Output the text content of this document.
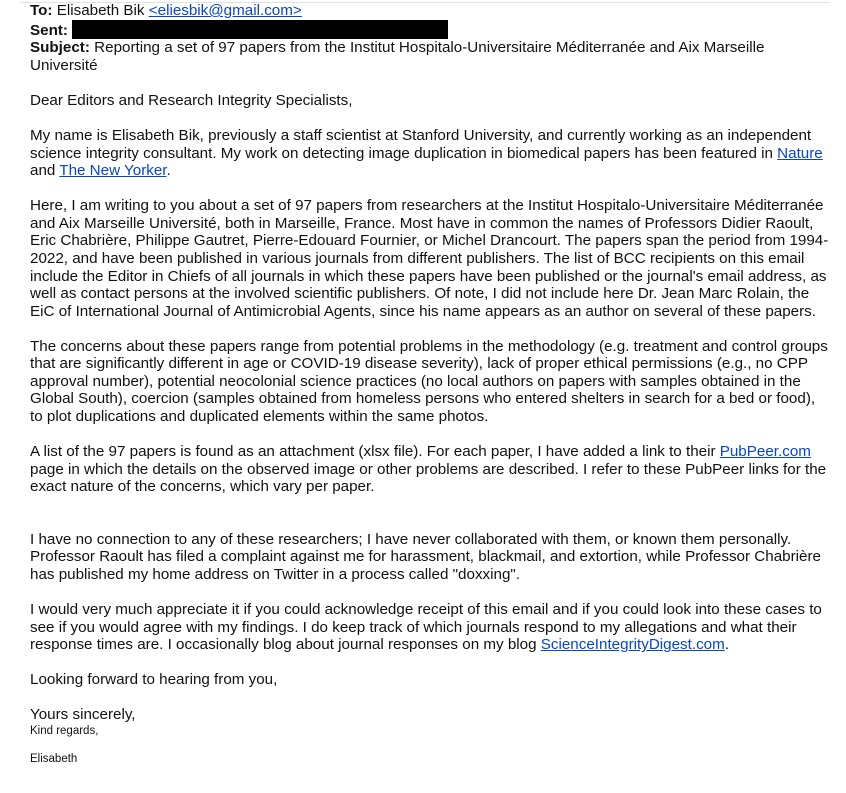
To: Elisabeth Bik <eliesbik@gmail.com>
Sent:
Subject: Reporting a set of 97 papers from the Institut Hospitalo-Universitaire Méditerranée and Aix Marseille Université

Dear Editors and Research Integrity Specialists,

My name is Elisabeth Bik, previously a staff scientist at Stanford University, and currently working as an independent science integrity consultant. My work on detecting image duplication in biomedical papers has been featured in Nature and The New Yorker.

Here, I am writing to you about a set of 97 papers from researchers at the Institut Hospitalo-Universitaire Méditerranée and Aix Marseille Université, both in Marseille, France. Most have in common the names of Professors Didier Raoult, Eric Chabrière, Philippe Gautret, Pierre-Edouard Fournier, or Michel Drancourt. The papers span the period from 1994-2022, and have been published in various journals from different publishers. The list of BCC recipients on this email include the Editor in Chiefs of all journals in which these papers have been published or the journal's email address, as well as contact persons at the involved scientific publishers. Of note, I did not include here Dr. Jean Marc Rolain, the EiC of International Journal of Antimicrobial Agents, since his name appears as an author on several of these papers.

The concerns about these papers range from potential problems in the methodology (e.g. treatment and control groups that are significantly different in age or COVID-19 disease severity), lack of proper ethical permissions (e.g., no CPP approval number), potential neocolonial science practices (no local authors on papers with samples obtained in the Global South), coercion (samples obtained from homeless persons who entered shelters in search for a bed or food), to plot duplications and duplicated elements within the same photos.

A list of the 97 papers is found as an attachment (xlsx file). For each paper, I have added a link to their PubPeer.com page in which the details on the observed image or other problems are described. I refer to these PubPeer links for the exact nature of the concerns, which vary per paper.

I have no connection to any of these researchers; I have never collaborated with them, or known them personally. Professor Raoult has filed a complaint against me for harassment, blackmail, and extortion, while Professor Chabrière has published my home address on Twitter in a process called "doxxing".

I would very much appreciate it if you could acknowledge receipt of this email and if you could look into these cases to see if you would agree with my findings. I do keep track of which journals respond to my allegations and what their response times are. I occasionally blog about journal responses on my blog ScienceIntegrityDigest.com.

Looking forward to hearing from you,

Yours sincerely,
Kind regards,
Elisabeth
